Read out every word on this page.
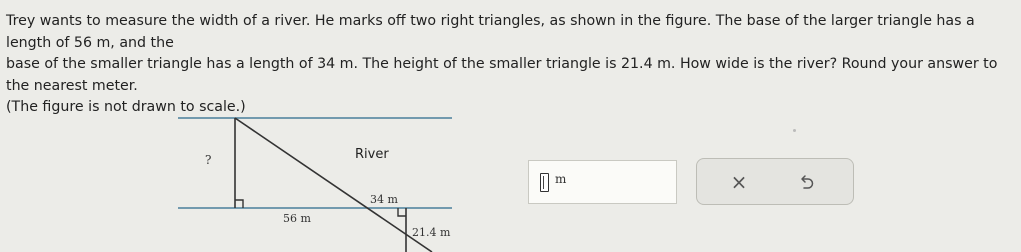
Trey wants to measure the width of a river. He marks off two right triangles, as shown in the figure. The base of the larger triangle has a length of 56 m, and the

base of the smaller triangle has a length of 34 m. The height of the smaller triangle is 21.4 m. How wide is the river? Round your answer to the nearest meter.

(The figure is not drawn to scale.)

?	River
34 m
56 m
21.4 m
m	×
